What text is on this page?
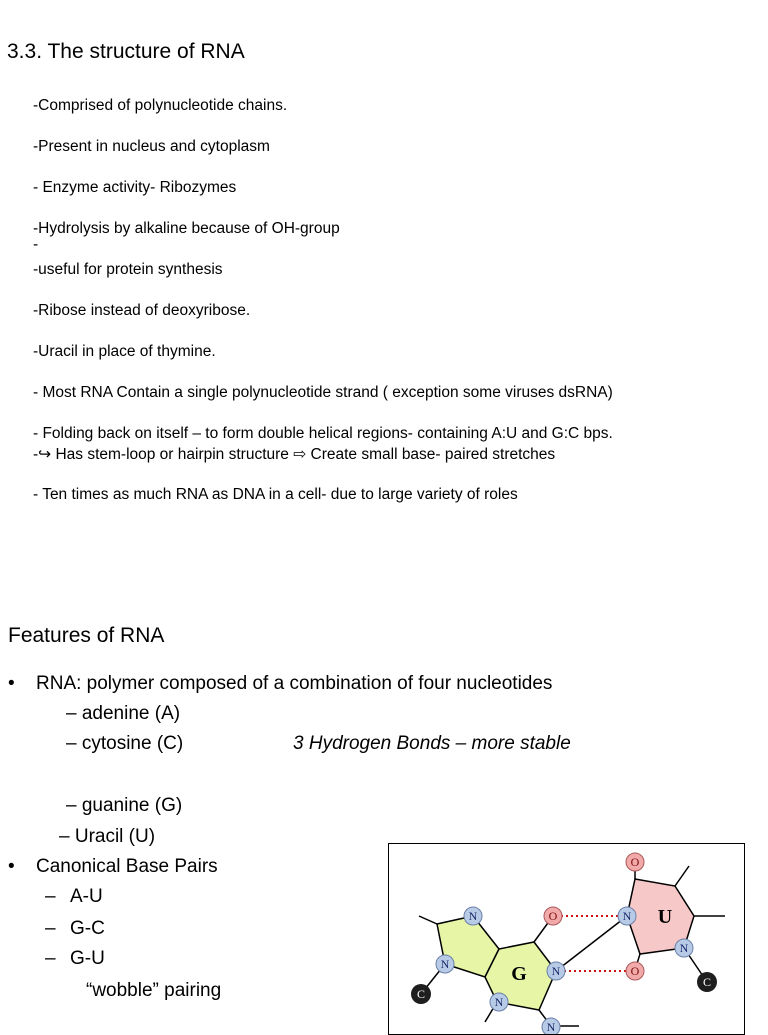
3.3. The structure of RNA
-Comprised of polynucleotide chains.
-Present in nucleus and cytoplasm
- Enzyme activity- Ribozymes
-Hydrolysis by alkaline because of OH-group
-
-useful for protein synthesis
-Ribose instead of deoxyribose.
-Uracil in place of thymine.
- Most RNA Contain a single polynucleotide strand ( exception some viruses dsRNA)
- Folding back on itself – to form double helical regions- containing A:U and G:C bps.
-↪ Has stem-loop or hairpin structure ⇨ Create small base- paired stretches
- Ten times as much RNA as DNA in a cell- due to large variety of roles
Features of RNA
• RNA: polymer composed of a combination of four nucleotides
– adenine (A)
– cytosine (C)	3 Hydrogen Bonds – more stable
– guanine (G)
– Uracil (U)
• Canonical Base Pairs
– A-U
– G-C
– G-U
“wobble” pairing
N
N
N
N
N
N
N
O
O
O
C
C
G
U
